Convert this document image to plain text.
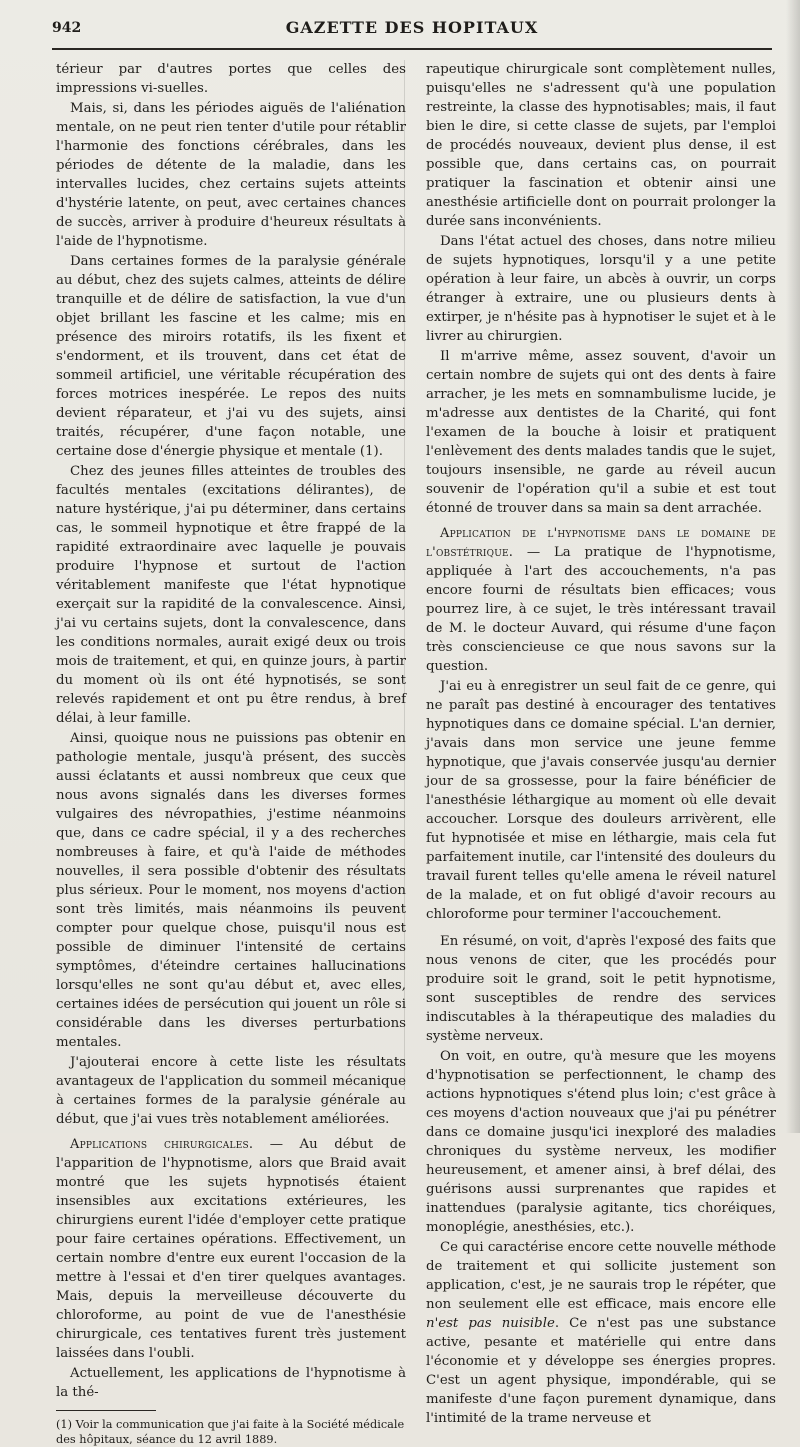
942	GAZETTE DES HOPITAUX

térieur par d'autres portes que celles des impressions vi-suelles.

Mais, si, dans les périodes aiguës de l'aliénation mentale, on ne peut rien tenter d'utile pour rétablir l'harmonie des fonctions cérébrales, dans les périodes de détente de la maladie, dans les intervalles lucides, chez certains sujets atteints d'hystérie latente, on peut, avec certaines chances de succès, arriver à produire d'heureux résultats à l'aide de l'hypnotisme.

Dans certaines formes de la paralysie générale au début, chez des sujets calmes, atteints de délire tranquille et de délire de satisfaction, la vue d'un objet brillant les fascine et les calme; mis en présence des miroirs rotatifs, ils les fixent et s'endorment, et ils trouvent, dans cet état de sommeil artificiel, une véritable récupération des forces motrices inespérée. Le repos des nuits devient réparateur, et j'ai vu des sujets, ainsi traités, récupérer, d'une façon notable, une certaine dose d'énergie physique et mentale (1).

Chez des jeunes filles atteintes de troubles des facultés mentales (excitations délirantes), de nature hystérique, j'ai pu déterminer, dans certains cas, le sommeil hypnotique et être frappé de la rapidité extraordinaire avec laquelle je pouvais produire l'hypnose et surtout de l'action véritablement manifeste que l'état hypnotique exerçait sur la rapidité de la convalescence. Ainsi, j'ai vu certains sujets, dont la convalescence, dans les conditions normales, aurait exigé deux ou trois mois de traitement, et qui, en quinze jours, à partir du moment où ils ont été hypnotisés, se sont relevés rapidement et ont pu être rendus, à bref délai, à leur famille.

Ainsi, quoique nous ne puissions pas obtenir en pathologie mentale, jusqu'à présent, des succès aussi éclatants et aussi nombreux que ceux que nous avons signalés dans les diverses formes vulgaires des névropathies, j'estime néanmoins que, dans ce cadre spécial, il y a des recherches nombreuses à faire, et qu'à l'aide de méthodes nouvelles, il sera possible d'obtenir des résultats plus sérieux. Pour le moment, nos moyens d'action sont très limités, mais néanmoins ils peuvent compter pour quelque chose, puisqu'il nous est possible de diminuer l'intensité de certains symptômes, d'éteindre certaines hallucinations lorsqu'elles ne sont qu'au début et, avec elles, certaines idées de persécution qui jouent un rôle si considérable dans les diverses perturbations mentales.

J'ajouterai encore à cette liste les résultats avantageux de l'application du sommeil mécanique à certaines formes de la paralysie générale au début, que j'ai vues très notablement améliorées.

Applications chirurgicales. — Au début de l'apparition de l'hypnotisme, alors que Braid avait montré que les sujets hypnotisés étaient insensibles aux excitations extérieures, les chirurgiens eurent l'idée d'employer cette pratique pour faire certaines opérations. Effectivement, un certain nombre d'entre eux eurent l'occasion de la mettre à l'essai et d'en tirer quelques avantages. Mais, depuis la merveilleuse découverte du chloroforme, au point de vue de l'anesthésie chirurgicale, ces tentatives furent très justement laissées dans l'oubli.

Actuellement, les applications de l'hypnotisme à la thé-

(1) Voir la communication que j'ai faite à la Société médicale des hôpitaux, séance du 12 avril 1889.

rapeutique chirurgicale sont complètement nulles, puisqu'elles ne s'adressent qu'à une population restreinte, la classe des hypnotisables; mais, il faut bien le dire, si cette classe de sujets, par l'emploi de procédés nouveaux, devient plus dense, il est possible que, dans certains cas, on pourrait pratiquer la fascination et obtenir ainsi une anesthésie artificielle dont on pourrait prolonger la durée sans inconvénients.

Dans l'état actuel des choses, dans notre milieu de sujets hypnotiques, lorsqu'il y a une petite opération à leur faire, un abcès à ouvrir, un corps étranger à extraire, une ou plusieurs dents à extirper, je n'hésite pas à hypnotiser le sujet et à le livrer au chirurgien.

Il m'arrive même, assez souvent, d'avoir un certain nombre de sujets qui ont des dents à faire arracher, je les mets en somnambulisme lucide, je m'adresse aux dentistes de la Charité, qui font l'examen de la bouche à loisir et pratiquent l'enlèvement des dents malades tandis que le sujet, toujours insensible, ne garde au réveil aucun souvenir de l'opération qu'il a subie et est tout étonné de trouver dans sa main sa dent arrachée.

Application de l'hypnotisme dans le domaine de l'obstétrique. — La pratique de l'hypnotisme, appliquée à l'art des accouchements, n'a pas encore fourni de résultats bien efficaces; vous pourrez lire, à ce sujet, le très intéressant travail de M. le docteur Auvard, qui résume d'une façon très consciencieuse ce que nous savons sur la question.

J'ai eu à enregistrer un seul fait de ce genre, qui ne paraît pas destiné à encourager des tentatives hypnotiques dans ce domaine spécial. L'an dernier, j'avais dans mon service une jeune femme hypnotique, que j'avais conservée jusqu'au dernier jour de sa grossesse, pour la faire bénéficier de l'anesthésie léthargique au moment où elle devait accoucher. Lorsque des douleurs arrivèrent, elle fut hypnotisée et mise en léthargie, mais cela fut parfaitement inutile, car l'intensité des douleurs du travail furent telles qu'elle amena le réveil naturel de la malade, et on fut obligé d'avoir recours au chloroforme pour terminer l'accouchement.

En résumé, on voit, d'après l'exposé des faits que nous venons de citer, que les procédés pour produire soit le grand, soit le petit hypnotisme, sont susceptibles de rendre des services indiscutables à la thérapeutique des maladies du système nerveux.

On voit, en outre, qu'à mesure que les moyens d'hypnotisation se perfectionnent, le champ des actions hypnotiques s'étend plus loin; c'est grâce à ces moyens d'action nouveaux que j'ai pu pénétrer dans ce domaine jusqu'ici inexploré des maladies chroniques du système nerveux, les modifier heureusement, et amener ainsi, à bref délai, des guérisons aussi surprenantes que rapides et inattendues (paralysie agitante, tics choréiques, monoplégie, anesthésies, etc.).

Ce qui caractérise encore cette nouvelle méthode de traitement et qui sollicite justement son application, c'est, je ne saurais trop le répéter, que non seulement elle est efficace, mais encore elle n'est pas nuisible. Ce n'est pas une substance active, pesante et matérielle qui entre dans l'économie et y développe ses énergies propres. C'est un agent physique, impondérable, qui se manifeste d'une façon purement dynamique, dans l'intimité de la trame nerveuse et
